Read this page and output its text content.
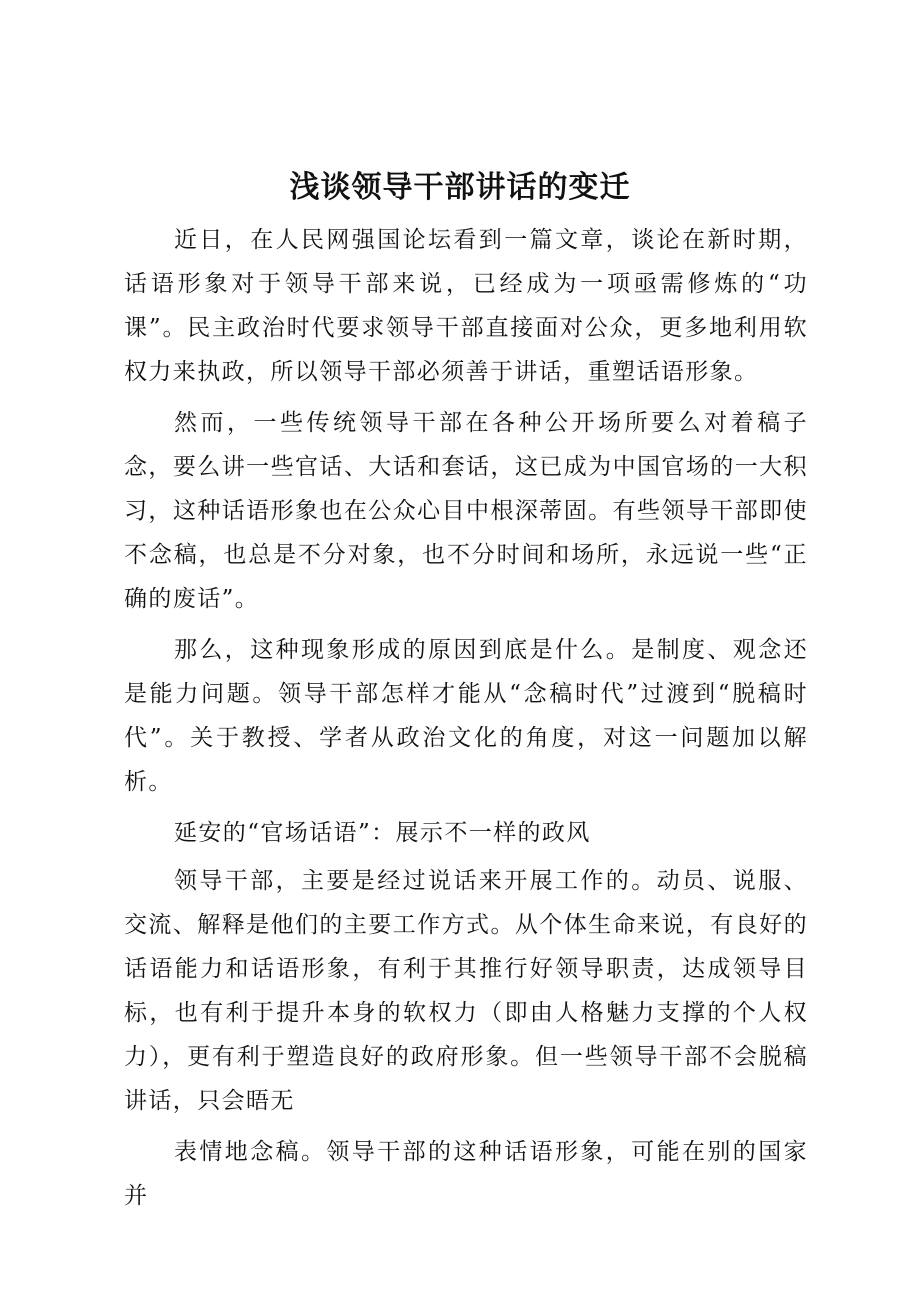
浅谈领导干部讲话的变迁

近日，在人民网强国论坛看到一篇文章，谈论在新时期，话语形象对于领导干部来说，已经成为一项亟需修炼的“功课”。民主政治时代要求领导干部直接面对公众，更多地利用软权力来执政，所以领导干部必须善于讲话，重塑话语形象。

然而，一些传统领导干部在各种公开场所要么对着稿子念，要么讲一些官话、大话和套话，这已成为中国官场的一大积习，这种话语形象也在公众心目中根深蒂固。有些领导干部即使不念稿，也总是不分对象，也不分时间和场所，永远说一些“正确的废话”。

那么，这种现象形成的原因到底是什么。是制度、观念还是能力问题。领导干部怎样才能从“念稿时代”过渡到“脱稿时代”。关于教授、学者从政治文化的角度，对这一问题加以解析。

延安的“官场话语”：展示不一样的政风

领导干部，主要是经过说话来开展工作的。动员、说服、交流、解释是他们的主要工作方式。从个体生命来说，有良好的话语能力和话语形象，有利于其推行好领导职责，达成领导目标，也有利于提升本身的软权力（即由人格魅力支撑的个人权力），更有利于塑造良好的政府形象。但一些领导干部不会脱稿讲话，只会晤无

表情地念稿。领导干部的这种话语形象，可能在别的国家并
